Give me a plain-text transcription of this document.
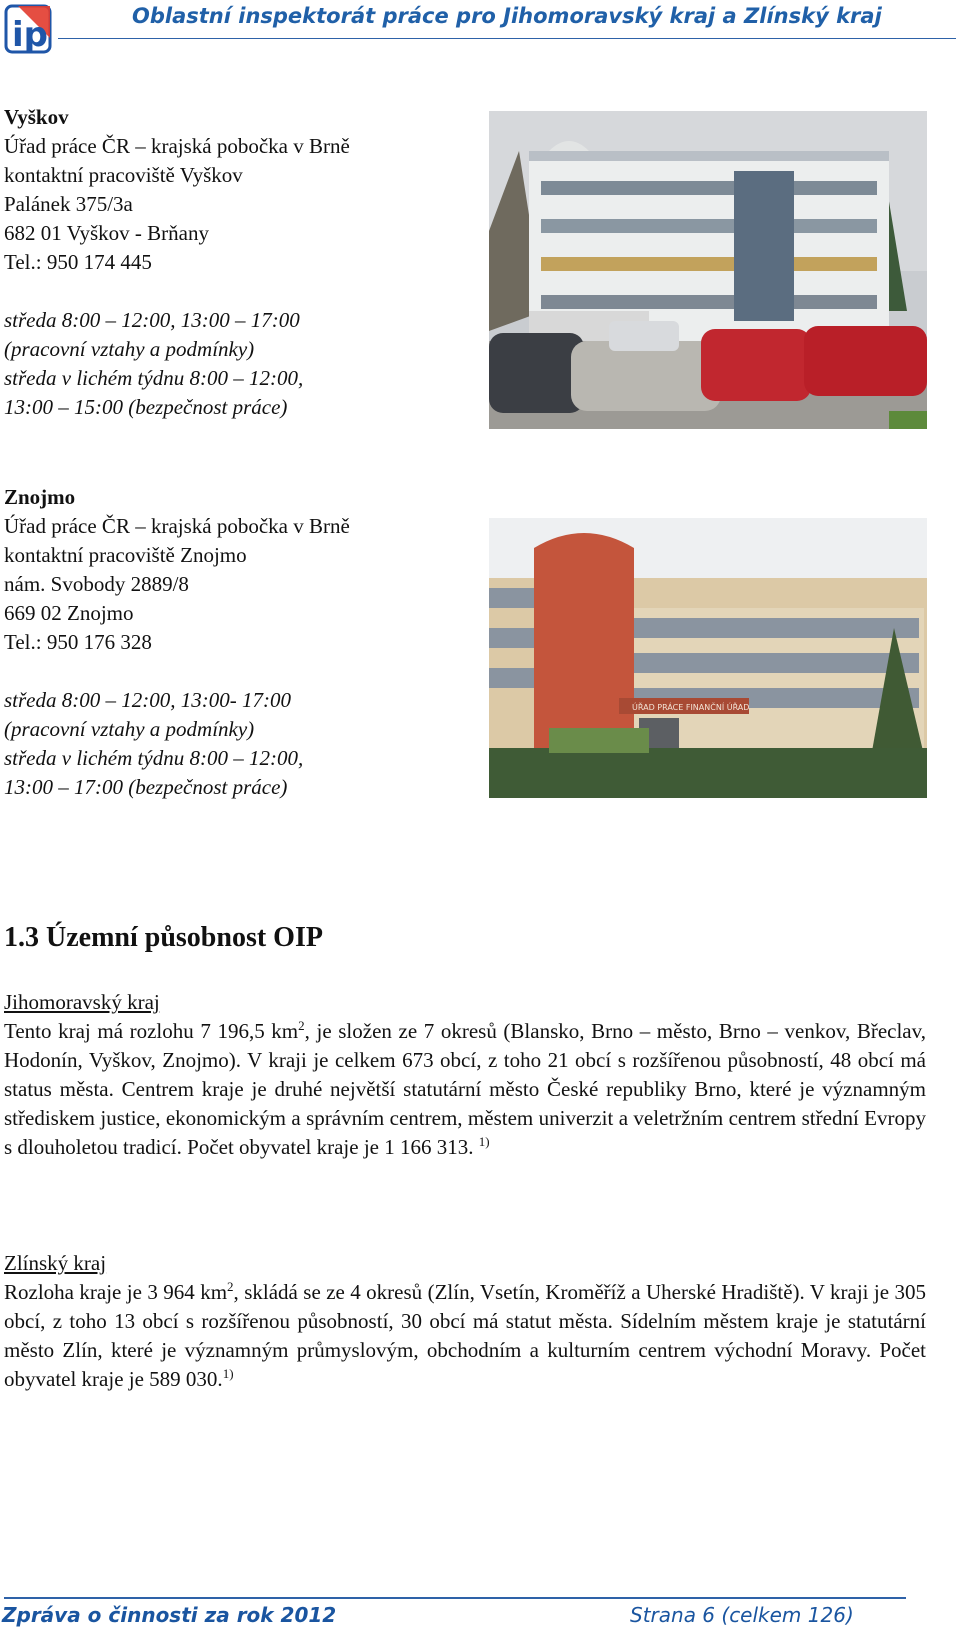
ip	Oblastní inspektorát práce pro Jihomoravský kraj a Zlínský kraj
Vyškov
Úřad práce ČR – krajská pobočka v Brně
kontaktní pracoviště Vyškov
Palánek 375/3a
682 01 Vyškov - Brňany
Tel.: 950 174 445
středa 8:00 – 12:00, 13:00 – 17:00
(pracovní vztahy a podmínky)
středa v lichém týdnu 8:00 – 12:00,
13:00 – 15:00 (bezpečnost práce)
Znojmo
Úřad práce ČR – krajská pobočka v Brně
kontaktní pracoviště Znojmo
nám. Svobody 2889/8
669 02 Znojmo
Tel.: 950 176 328
středa 8:00 – 12:00, 13:00- 17:00
(pracovní vztahy a podmínky)
středa v lichém týdnu 8:00 – 12:00,
13:00 – 17:00 (bezpečnost práce)
ÚŘAD PRÁCE FINANČNÍ ÚŘAD
1.3 Územní působnost OIP
Jihomoravský kraj
Tento kraj má rozlohu 7 196,5 $km^2$, je složen ze 7 okresů (Blansko, Brno – město, Brno – venkov, Břeclav, Hodonín, Vyškov, Znojmo). V kraji je celkem 673 obcí, z toho 21 obcí s rozšířenou působností, 48 obcí má status města. Centrem kraje je druhé největší statutární město České republiky Brno, které je významným střediskem justice, ekonomickým a správním centrem, městem univerzit a veletržním centrem střední Evropy s dlouholetou tradicí. Počet obyvatel kraje je 1 166 313. $^{1)}$
Zlínský kraj
Rozloha kraje je 3 964 $km^2$, skládá se ze 4 okresů (Zlín, Vsetín, Kroměříž a Uherské Hradiště). V kraji je 305 obcí, z toho 13 obcí s rozšířenou působností, 30 obcí má statut města. Sídelním městem kraje je statutární město Zlín, které je významným průmyslovým, obchodním a kulturním centrem východní Moravy. Počet obyvatel kraje je 589 030.$^{1)}$
Zpráva o činnosti za rok 2012	Strana 6 (celkem 126)
